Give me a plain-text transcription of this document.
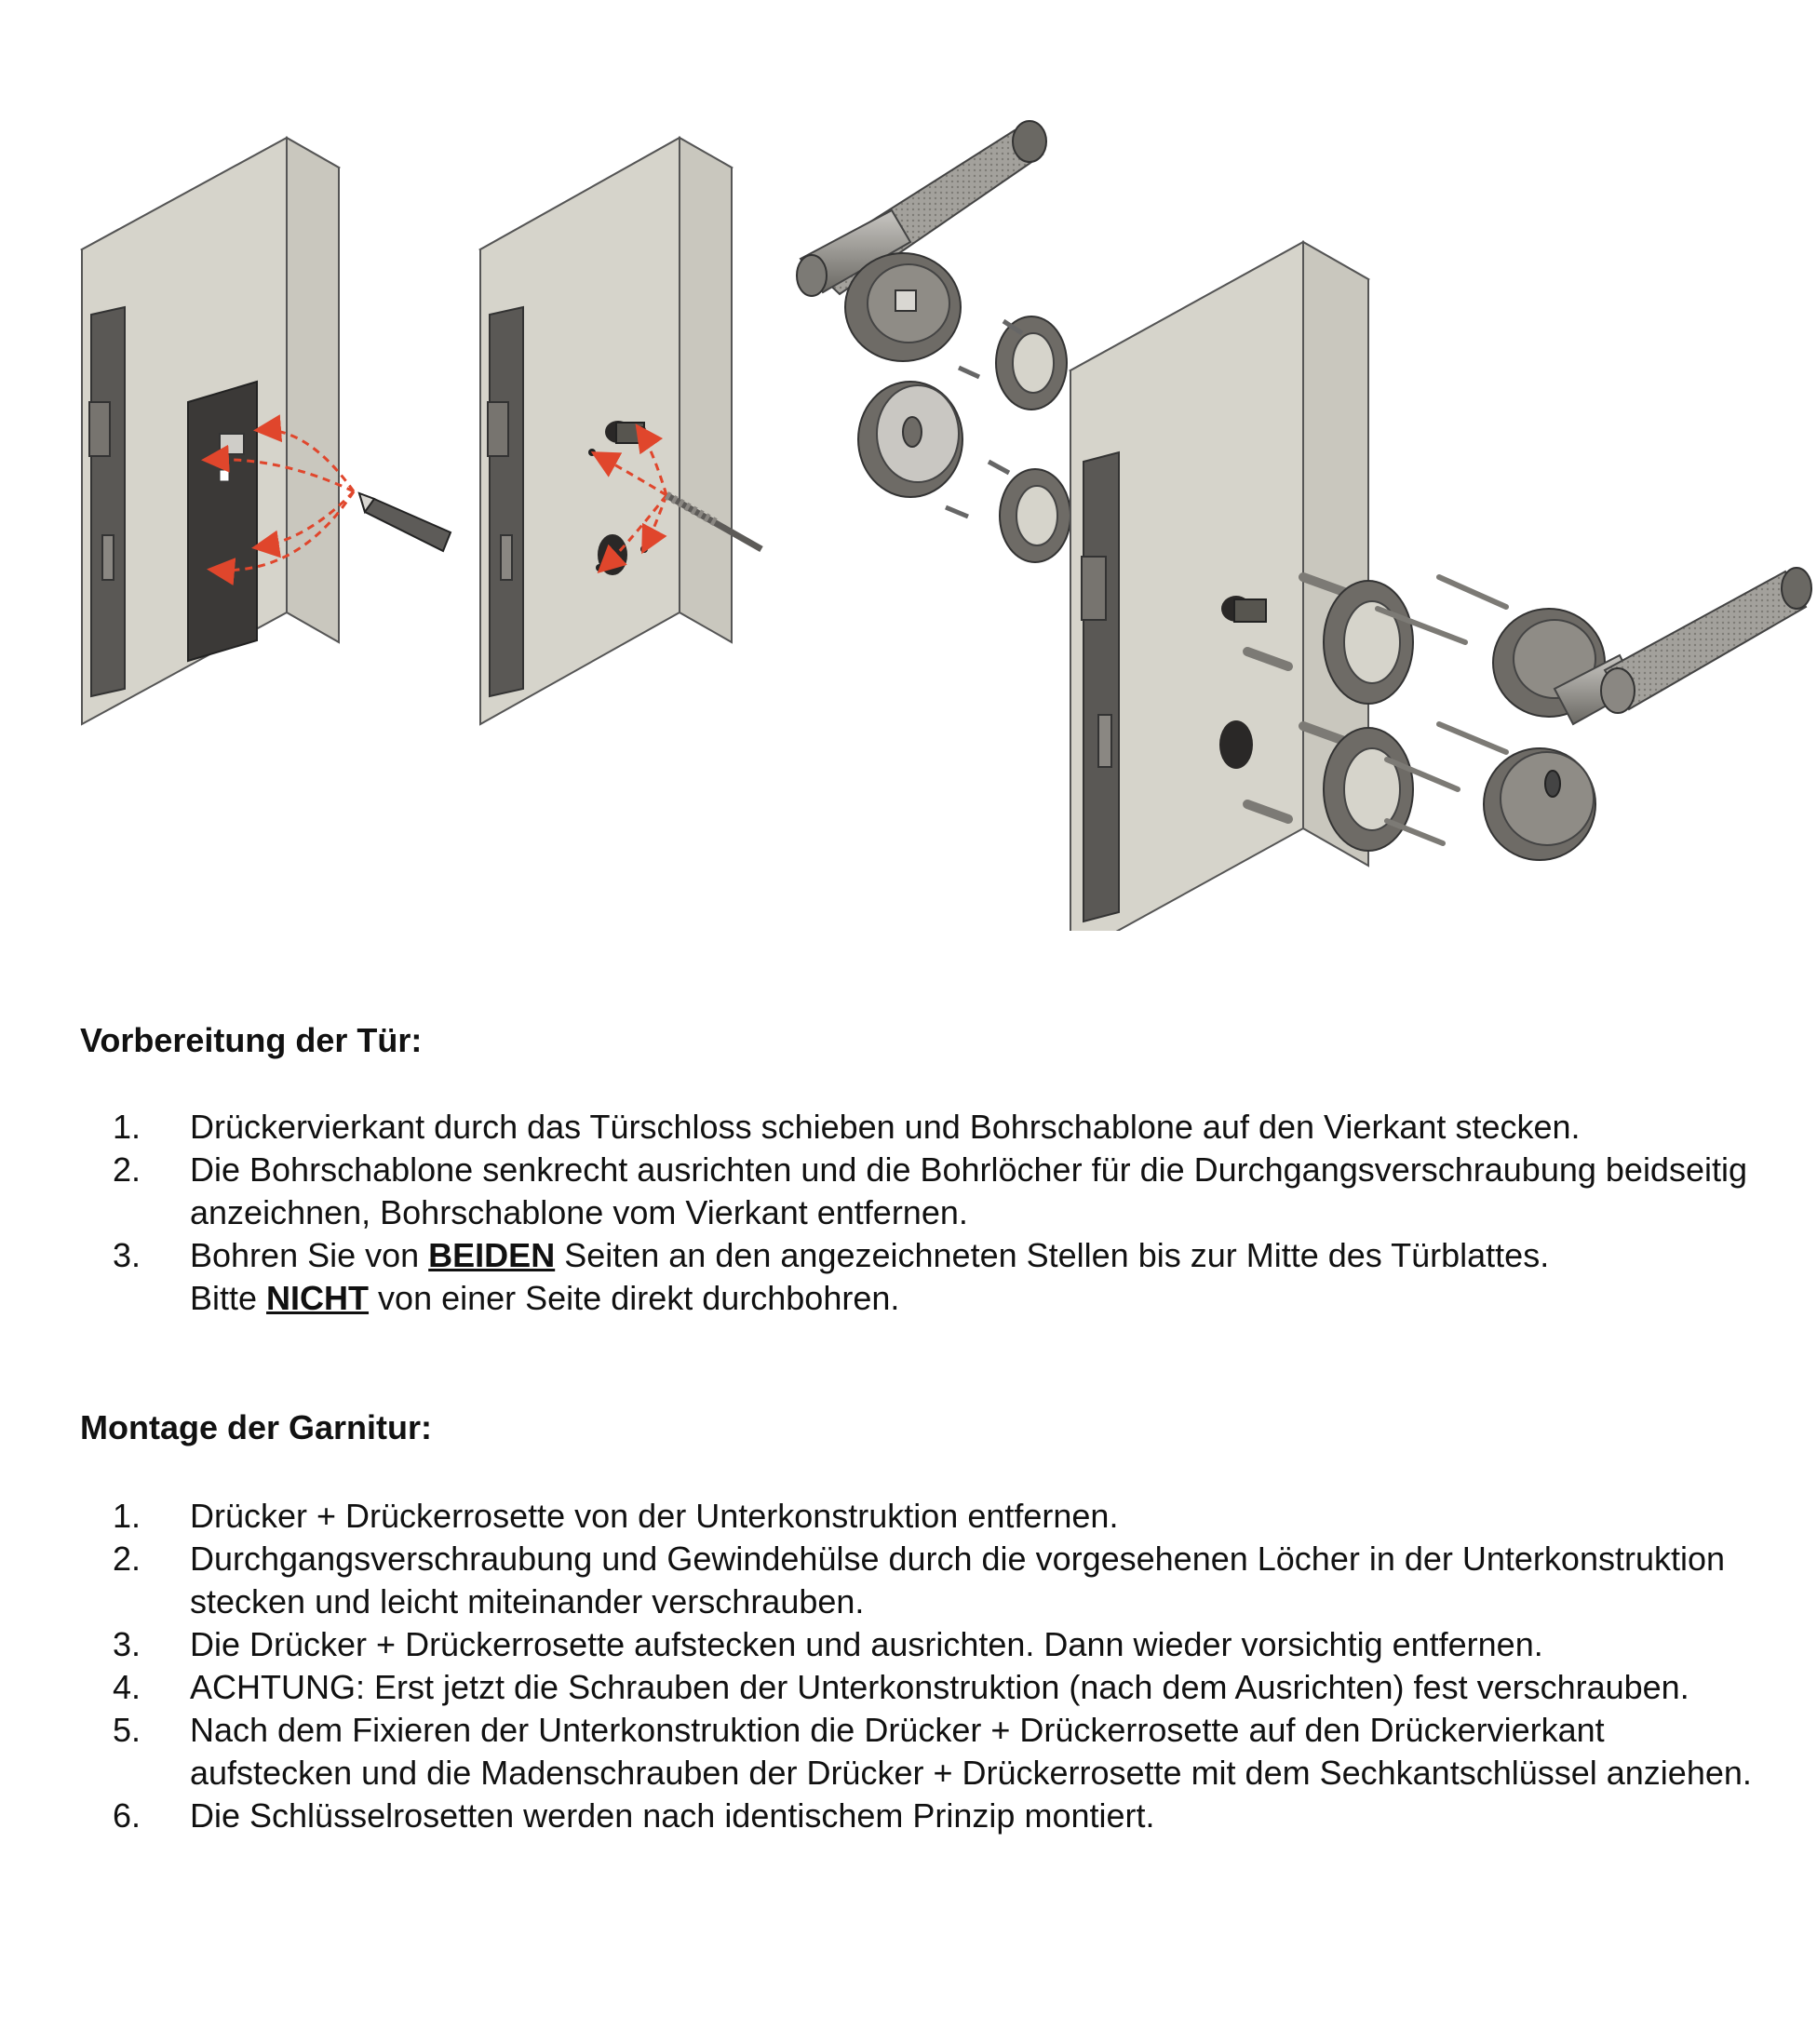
Vorbereitung der Tür:
1. Drückervierkant durch das Türschloss schieben und Bohrschablone auf den Vierkant stecken.
2. Die Bohrschablone senkrecht ausrichten und die Bohrlöcher für die Durchgangsverschraubung beidseitig anzeichnen, Bohrschablone vom Vierkant entfernen.
3. Bohren Sie von BEIDEN Seiten an den angezeichneten Stellen bis zur Mitte des Türblattes.
Bitte NICHT von einer Seite direkt durchbohren.
Montage der Garnitur:
1. Drücker + Drückerrosette von der Unterkonstruktion entfernen.
2. Durchgangsverschraubung und Gewindehülse durch die vorgesehenen Löcher in der Unterkonstruktion stecken und leicht miteinander verschrauben.
3. Die Drücker + Drückerrosette aufstecken und ausrichten. Dann wieder vorsichtig entfernen.
4. ACHTUNG: Erst jetzt die Schrauben der Unterkonstruktion (nach dem Ausrichten) fest verschrauben.
5. Nach dem Fixieren der Unterkonstruktion die Drücker + Drückerrosette auf den Drückervierkant aufstecken und die Madenschrauben der Drücker + Drückerrosette mit dem Sechkantschlüssel anziehen.
6. Die Schlüsselrosetten werden nach identischem Prinzip montiert.
